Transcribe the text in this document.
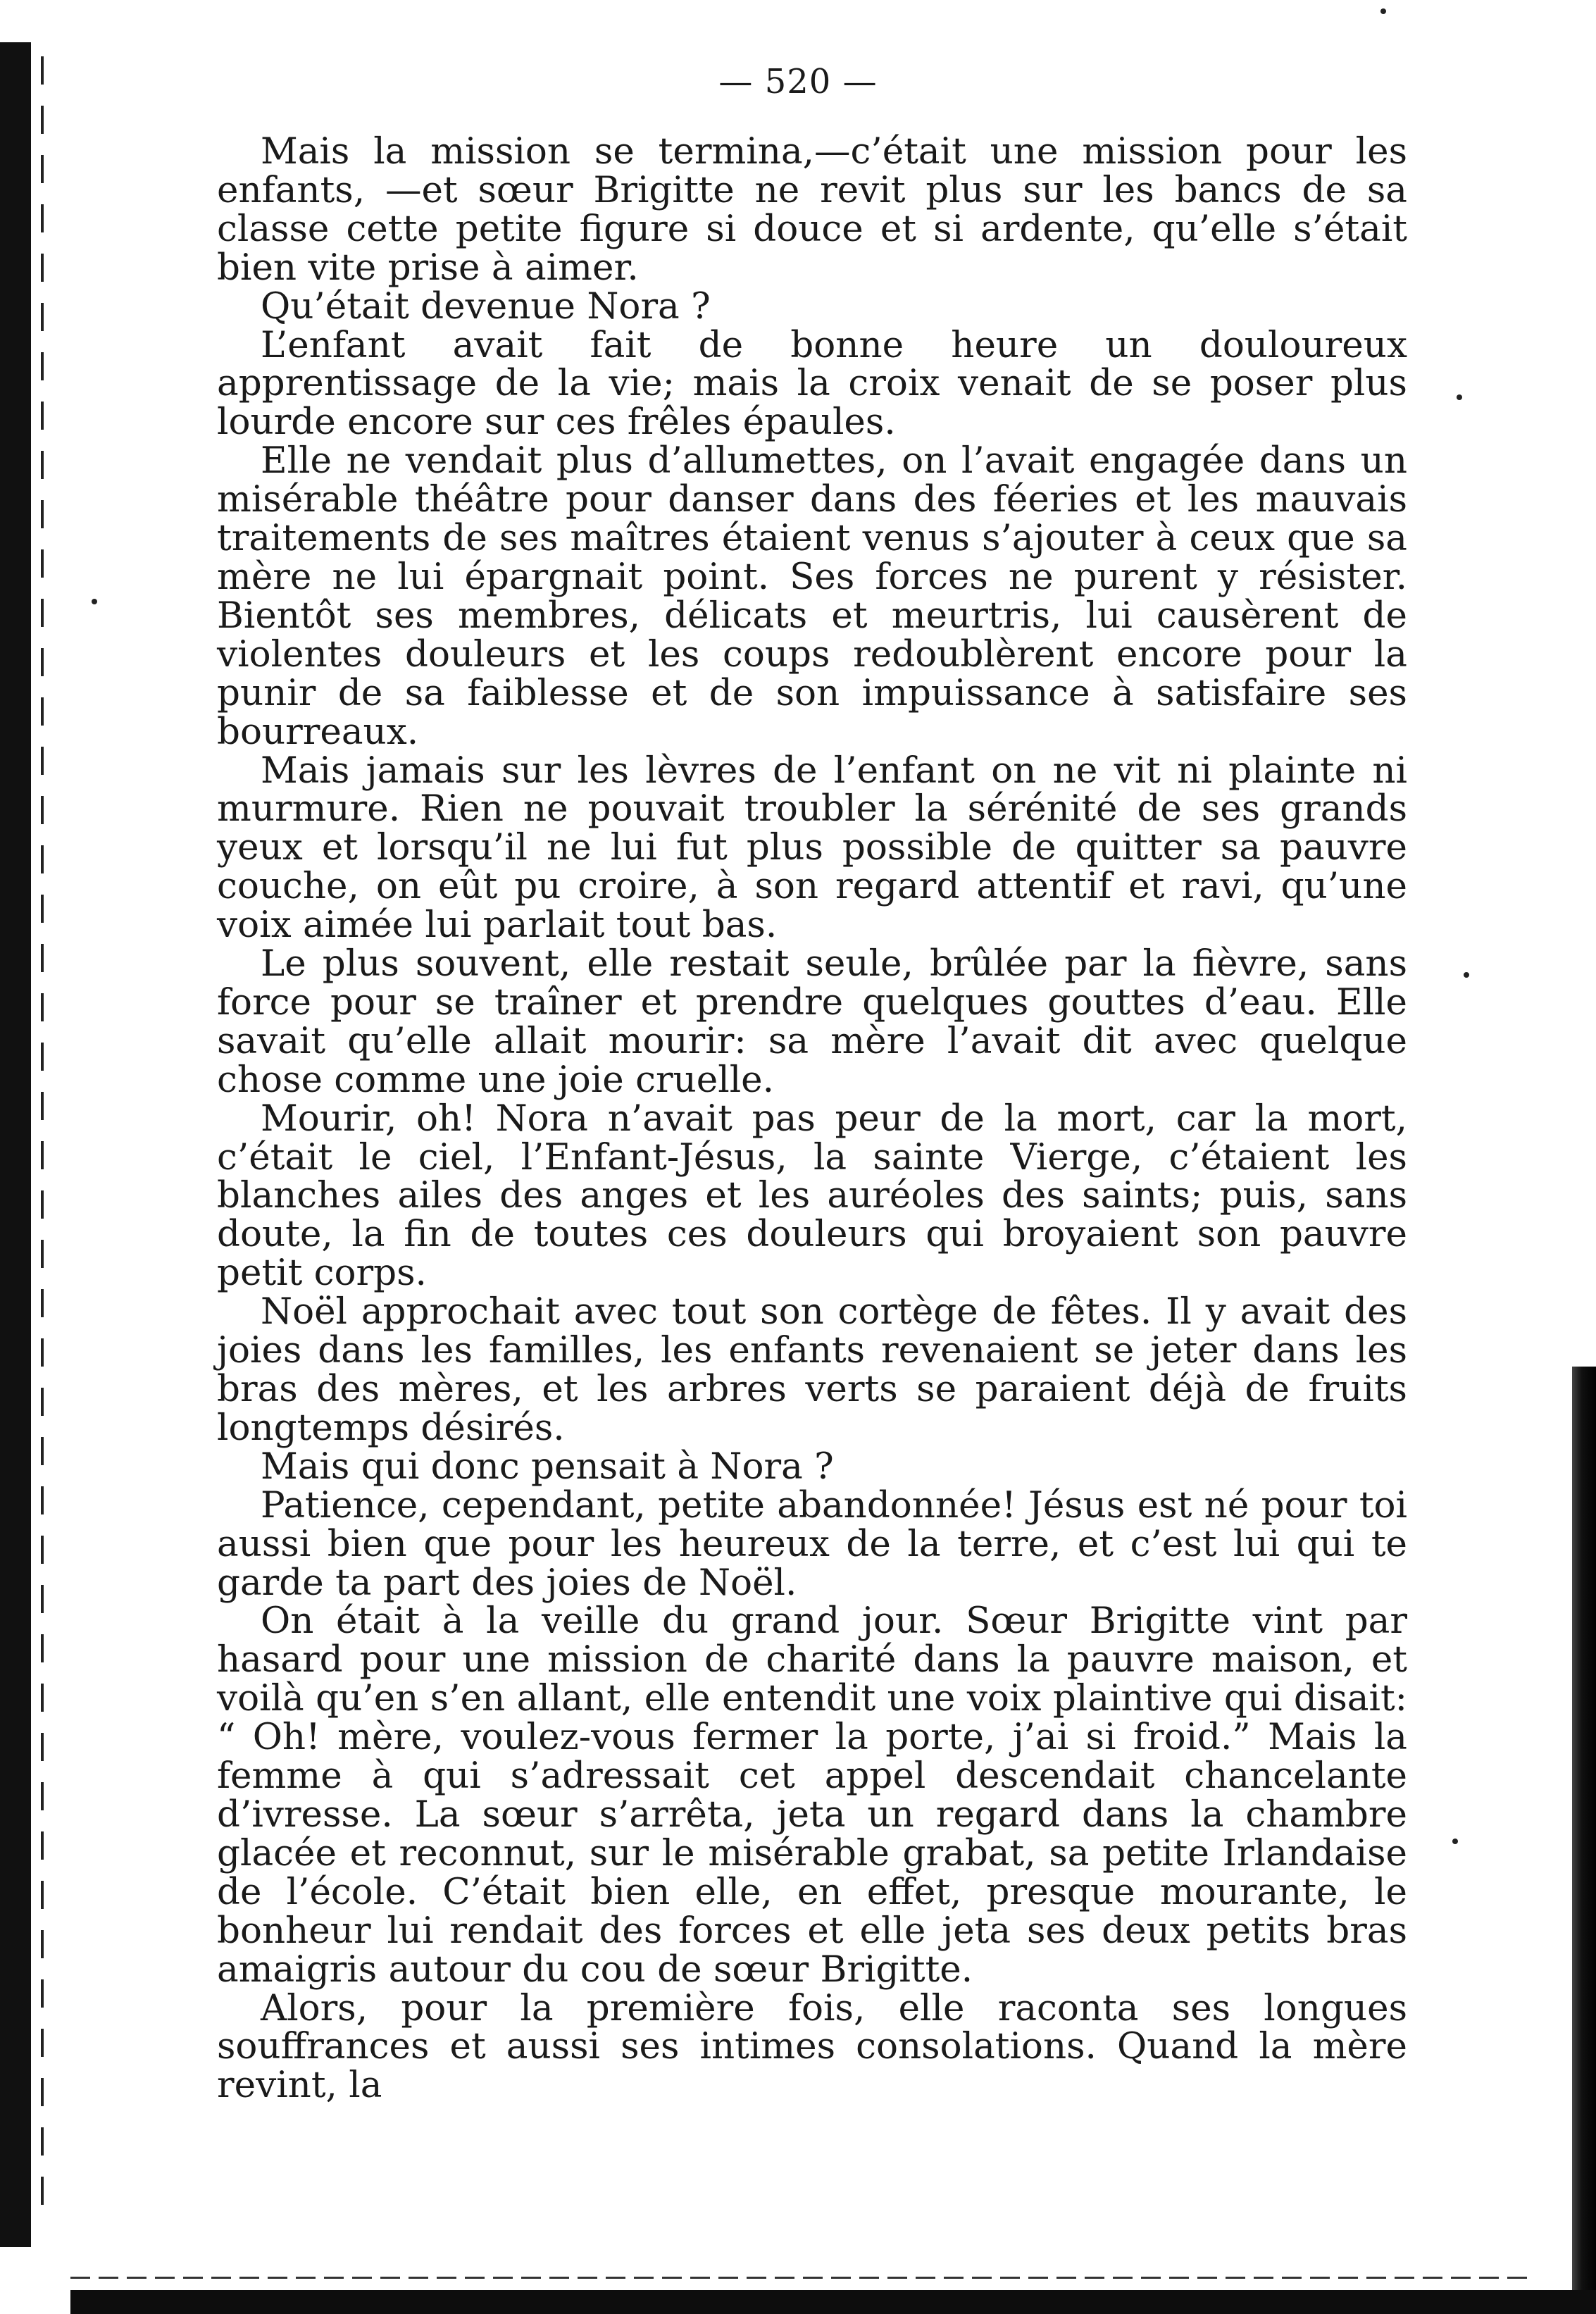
— 520 —

Mais la mission se termina,—c’était une mission pour les enfants, —et sœur Brigitte ne revit plus sur les bancs de sa classe cette petite figure si douce et si ardente, qu’elle s’était bien vite prise à aimer.

Qu’était devenue Nora ?

L’enfant avait fait de bonne heure un douloureux apprentissage de la vie; mais la croix venait de se poser plus lourde encore sur ces frêles épaules.

Elle ne vendait plus d’allumettes, on l’avait engagée dans un misérable théâtre pour danser dans des féeries et les mauvais traitements de ses maîtres étaient venus s’ajouter à ceux que sa mère ne lui épargnait point. Ses forces ne purent y résister. Bientôt ses membres, délicats et meurtris, lui causèrent de violentes douleurs et les coups redoublèrent encore pour la punir de sa faiblesse et de son impuissance à satisfaire ses bourreaux.

Mais jamais sur les lèvres de l’enfant on ne vit ni plainte ni murmure. Rien ne pouvait troubler la sérénité de ses grands yeux et lorsqu’il ne lui fut plus possible de quitter sa pauvre couche, on eût pu croire, à son regard attentif et ravi, qu’une voix aimée lui parlait tout bas.

Le plus souvent, elle restait seule, brûlée par la fièvre, sans force pour se traîner et prendre quelques gouttes d’eau. Elle savait qu’elle allait mourir: sa mère l’avait dit avec quelque chose comme une joie cruelle.

Mourir, oh! Nora n’avait pas peur de la mort, car la mort, c’était le ciel, l’Enfant-Jésus, la sainte Vierge, c’étaient les blanches ailes des anges et les auréoles des saints; puis, sans doute, la fin de toutes ces douleurs qui broyaient son pauvre petit corps.

Noël approchait avec tout son cortège de fêtes. Il y avait des joies dans les familles, les enfants revenaient se jeter dans les bras des mères, et les arbres verts se paraient déjà de fruits longtemps désirés.

Mais qui donc pensait à Nora ?

Patience, cependant, petite abandonnée! Jésus est né pour toi aussi bien que pour les heureux de la terre, et c’est lui qui te garde ta part des joies de Noël.

On était à la veille du grand jour. Sœur Brigitte vint par hasard pour une mission de charité dans la pauvre maison, et voilà qu’en s’en allant, elle entendit une voix plaintive qui disait: “ Oh! mère, voulez-vous fermer la porte, j’ai si froid.” Mais la femme à qui s’adressait cet appel descendait chancelante d’ivresse. La sœur s’arrêta, jeta un regard dans la chambre glacée et reconnut, sur le misérable grabat, sa petite Irlandaise de l’école. C’était bien elle, en effet, presque mourante, le bonheur lui rendait des forces et elle jeta ses deux petits bras amaigris autour du cou de sœur Brigitte.

Alors, pour la première fois, elle raconta ses longues souffrances et aussi ses intimes consolations. Quand la mère revint, la
